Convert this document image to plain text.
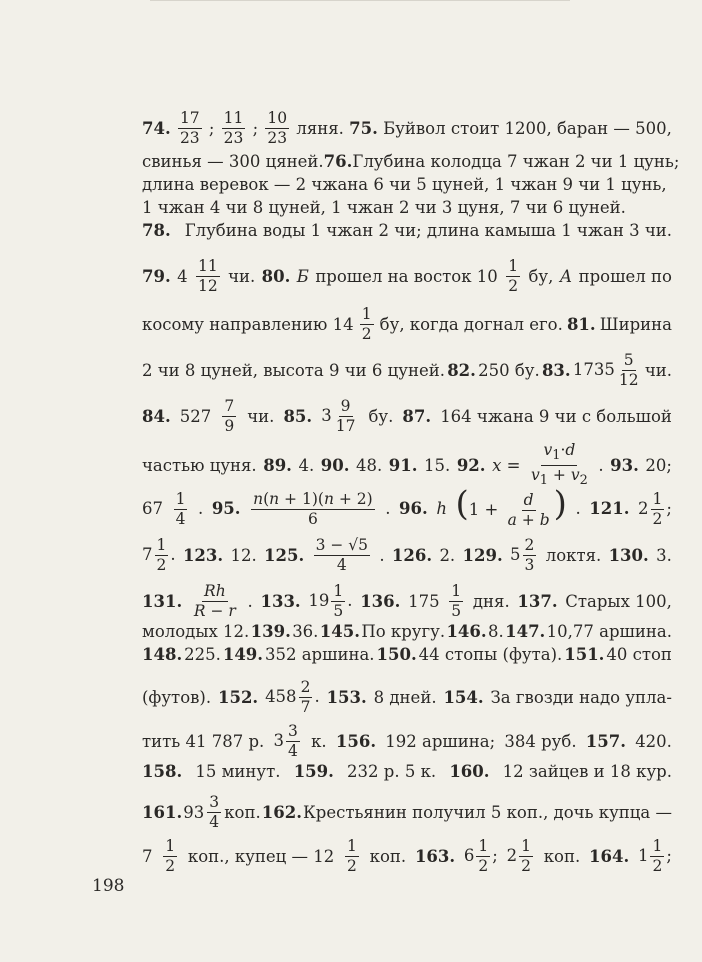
74. $\frac{17}{23}$ ; $\frac{11}{23}$ ; $\frac{10}{23}$ ляня. 75. Буйвол стоит 1200, баран — 500,
свинья — 300 цяней. 76. Глубина колодца 7 чжан 2 чи 1 цунь;
длина веревок — 2 чжана 6 чи 5 цуней, 1 чжан 9 чи 1 цунь,
1 чжан 4 чи 8 цуней, 1 чжан 2 чи 3 цуня, 7 чи 6 цуней.
78. Глубина воды 1 чжан 2 чи; длина камыша 1 чжан 3 чи.
79. $4 \frac{11}{12}$ чи. 80. Б прошел на восток $10 \frac{1}{2}$ бу, А прошел по
косому направлению $14 \frac{1}{2}$ бу, когда догнал его. 81. Ширина
2 чи 8 цуней, высота 9 чи 6 цуней. 82. 250 бу. 83. $1735 \frac{5}{12}$ чи.
84. $527 \frac{7}{9}$ чи. 85. $3 \frac{9}{17}$ бу. 87. 164 чжана 9 чи с большой
частью цуня. 89. 4. 90. 48. 91. 15. 92. $x = \frac{v_1\cdot d}{v_1 + v_2}$ . 93. 20;
$67 \frac{1}{4}$ . 95. $\frac{n(n + 1)(n + 2)}{6}$ . 96. h ($1 + \frac{d}{a + b}$ ) . 121. $2 \frac{1}{2}$ ;
$7 \frac{1}{2}$ . 123. 12. 125. $\frac{3 - √5}{4}$ . 126. 2. 129. $5 \frac{2}{3}$ локтя. 130. 3.
131. $\frac{Rh}{R - r}$ . 133. $19 \frac{1}{5}$ . 136. $175 \frac{1}{5}$ дня. 137. Старых 100,
молодых 12. 139. 36. 145. По кругу. 146. 8. 147. 10,77 аршина.
148. 225. 149. 352 аршина. 150. 44 стопы (фута). 151. 40 стоп
(футов). 152. $458 \frac{2}{7}$ . 153. 8 дней. 154. За гвозди надо упла-
тить 41 787 р. $3 \frac{3}{4} к$. 156. 192 аршина; 384 руб. 157. 420.
158. 15 минут. 159. 232 р. 5 к. 160. 12 зайцев и 18 кур.
161. $93 \frac{3}{4}$ коп. 162. Крестьянин получил 5 коп., дочь купца —
$7 \frac{1}{2}$ коп., купец — $12 \frac{1}{2}$ коп. 163. $6 \frac{1}{2}$ ; $2 \frac{1}{2}$ коп. 164. $1 \frac{1}{2}$ ;
198
